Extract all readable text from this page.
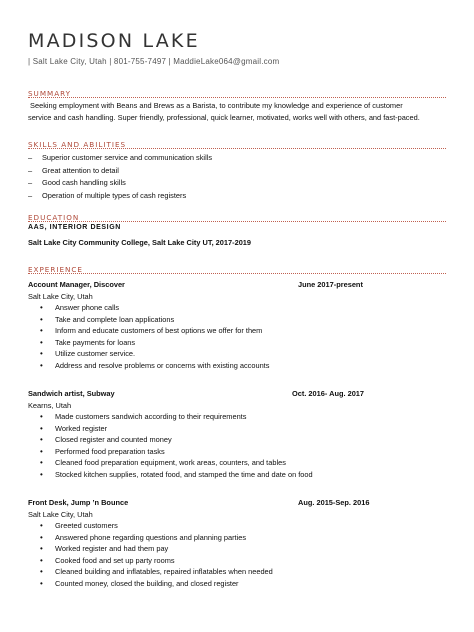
MADISON LAKE
| Salt Lake City, Utah | 801-755-7497 | MaddieLake064@gmail.com
SUMMARY
Seeking employment with Beans and Brews as a Barista, to contribute my knowledge and experience of customer
service and cash handling. Super friendly, professional, quick learner, motivated, works well with others, and fast-paced.
SKILLS AND ABILITIES
– Superior customer service and communication skills
– Great attention to detail
– Good cash handling skills
– Operation of multiple types of cash registers
EDUCATION
AAS, INTERIOR DESIGN
Salt Lake City Community College, Salt Lake City UT, 2017-2019
EXPERIENCE
Account Manager, Discover	June 2017-present
Salt Lake City, Utah
• Answer phone calls
• Take and complete loan applications
• Inform and educate customers of best options we offer for them
• Take payments for loans
• Utilize customer service.
• Address and resolve problems or concerns with existing accounts
Sandwich artist, Subway	Oct. 2016- Aug. 2017
Kearns, Utah
• Made customers sandwich according to their requirements
• Worked register
• Closed register and counted money
• Performed food preparation tasks
• Cleaned food preparation equipment, work areas, counters, and tables
• Stocked kitchen supplies, rotated food, and stamped the time and date on food
Front Desk, Jump ’n Bounce	Aug. 2015-Sep. 2016
Salt Lake City, Utah
• Greeted customers
• Answered phone regarding questions and planning parties
• Worked register and had them pay
• Cooked food and set up party rooms
• Cleaned building and inflatables, repaired inflatables when needed
• Counted money, closed the building, and closed register
